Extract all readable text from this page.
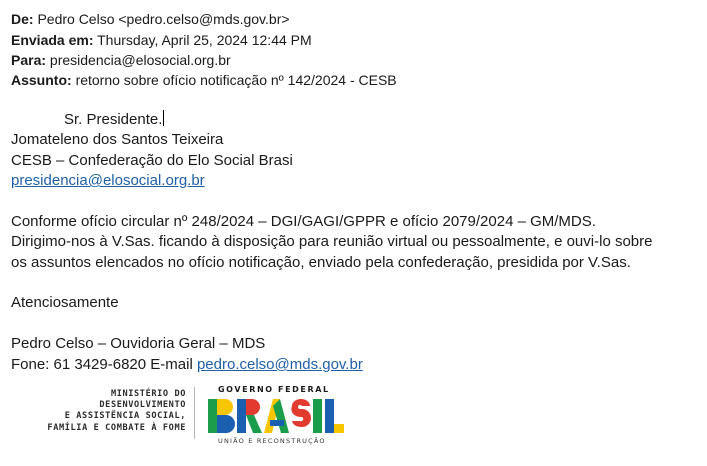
De: Pedro Celso <pedro.celso@mds.gov.br>
Enviada em: Thursday, April 25, 2024 12:44 PM
Para: presidencia@elosocial.org.br
Assunto: retorno sobre ofício notificação nº 142/2024 - CESB
Sr. Presidente.
Jomateleno dos Santos Teixeira
CESB – Confederação do Elo Social Brasi
presidencia@elosocial.org.br
Conforme ofício circular nº 248/2024 – DGI/GAGI/GPPR e ofício 2079/2024 – GM/MDS.
Dirigimo-nos à V.Sas. ficando à disposição para reunião virtual ou pessoalmente, e ouvi-lo sobre
os assuntos elencados no ofício notificação, enviado pela confederação, presidida por V.Sas.
Atenciosamente
Pedro Celso – Ouvidoria Geral – MDS
Fone: 61 3429-6820 E-mail pedro.celso@mds.gov.br
MINISTÉRIO DO
DESENVOLVIMENTO
E ASSISTÊNCIA SOCIAL,
FAMÍLIA E COMBATE À FOME
GOVERNO FEDERAL
UNIÃO E RECONSTRUÇÃO
